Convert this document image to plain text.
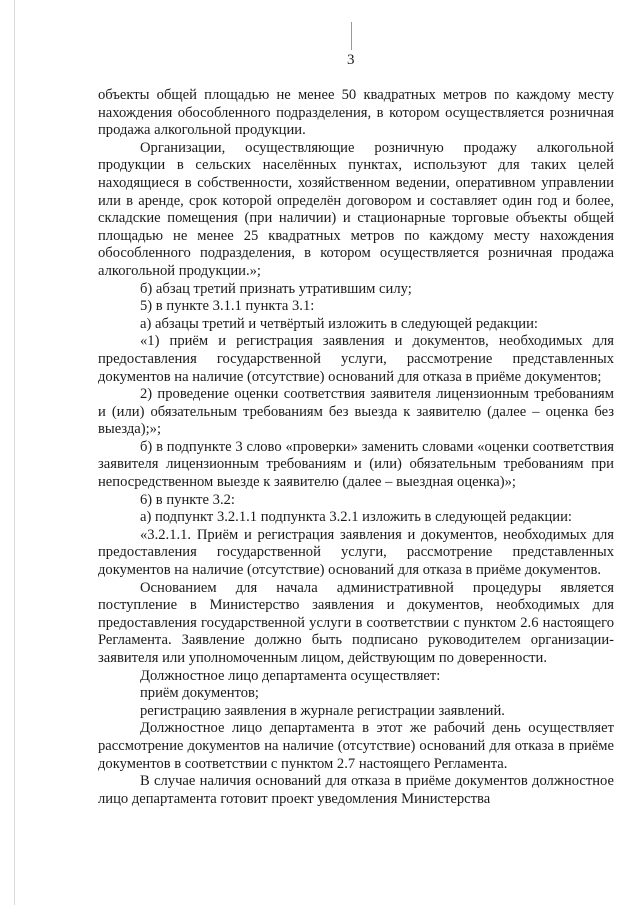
3

объекты общей площадью не менее 50 квадратных метров по каждому месту нахождения обособленного подразделения, в котором осуществляется розничная продажа алкогольной продукции.

Организации, осуществляющие розничную продажу алкогольной продукции в сельских населённых пунктах, используют для таких целей находящиеся в собственности, хозяйственном ведении, оперативном управлении или в аренде, срок которой определён договором и составляет один год и более, складские помещения (при наличии) и стационарные торговые объекты общей площадью не менее 25 квадратных метров по каждому месту нахождения обособленного подразделения, в котором осуществляется розничная продажа алкогольной продукции.»;

б) абзац третий признать утратившим силу;

5) в пункте 3.1.1 пункта 3.1:

а) абзацы третий и четвёртый изложить в следующей редакции:

«1) приём и регистрация заявления и документов, необходимых для предоставления государственной услуги, рассмотрение представленных документов на наличие (отсутствие) оснований для отказа в приёме документов;

2) проведение оценки соответствия заявителя лицензионным требованиям и (или) обязательным требованиям без выезда к заявителю (далее – оценка без выезда);»;

б) в подпункте 3 слово «проверки» заменить словами «оценки соответствия заявителя лицензионным требованиям и (или) обязательным требованиям при непосредственном выезде к заявителю (далее – выездная оценка)»;

6) в пункте 3.2:

а) подпункт 3.2.1.1 подпункта 3.2.1 изложить в следующей редакции:

«3.2.1.1. Приём и регистрация заявления и документов, необходимых для предоставления государственной услуги, рассмотрение представленных документов на наличие (отсутствие) оснований для отказа в приёме документов.

Основанием для начала административной процедуры является поступление в Министерство заявления и документов, необходимых для предоставления государственной услуги в соответствии с пунктом 2.6 настоящего Регламента. Заявление должно быть подписано руководителем организации-заявителя или уполномоченным лицом, действующим по доверенности.

Должностное лицо департамента осуществляет:

приём документов;

регистрацию заявления в журнале регистрации заявлений.

Должностное лицо департамента в этот же рабочий день осуществляет рассмотрение документов на наличие (отсутствие) оснований для отказа в приёме документов в соответствии с пунктом 2.7 настоящего Регламента.

В случае наличия оснований для отказа в приёме документов должностное лицо департамента готовит проект уведомления Министерства
